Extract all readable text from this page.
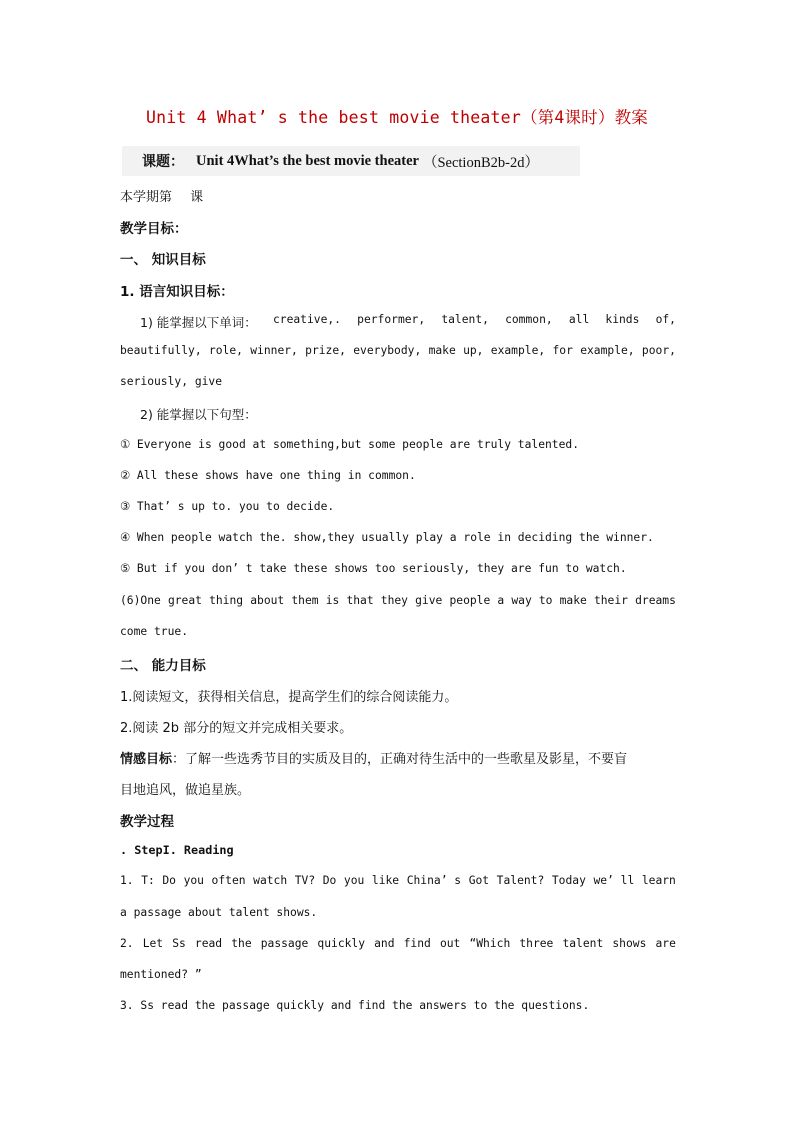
Unit 4 What’ s the best movie theater（第4课时）教案
课题： Unit 4What’s the best movie theater （SectionB2b-2d）
本学期第 课
教学目标：
一、 知识目标
1. 语言知识目标：
1) 能掌握以下单词： creative,. performer, talent, common, all kinds of,
beautifully, role, winner, prize, everybody, make up, example, for example, poor,
seriously, give
2) 能掌握以下句型：
① Everyone is good at something,but some people are truly talented.
② All these shows have one thing in common.
③ That’ s up to. you to decide.
④ When people watch the. show,they usually play a role in deciding the winner.
⑤ But if you don’ t take these shows too seriously, they are fun to watch.
(6)One great thing about them is that they give people a way to make their dreams
come true.
二、 能力目标
1.阅读短文，获得相关信息，提高学生们的综合阅读能力。
2.阅读 2b 部分的短文并完成相关要求。
情感目标：了解一些选秀节目的实质及目的，正确对待生活中的一些歌星及影星，不要盲
目地追风，做追星族。
教学过程
. StepI. Reading
1. T: Do you often watch TV? Do you like China’ s Got Talent? Today we’ ll learn
a passage about talent shows.
2. Let Ss read the passage quickly and find out “Which three talent shows are
mentioned? ”
3. Ss read the passage quickly and find the answers to the questions.
